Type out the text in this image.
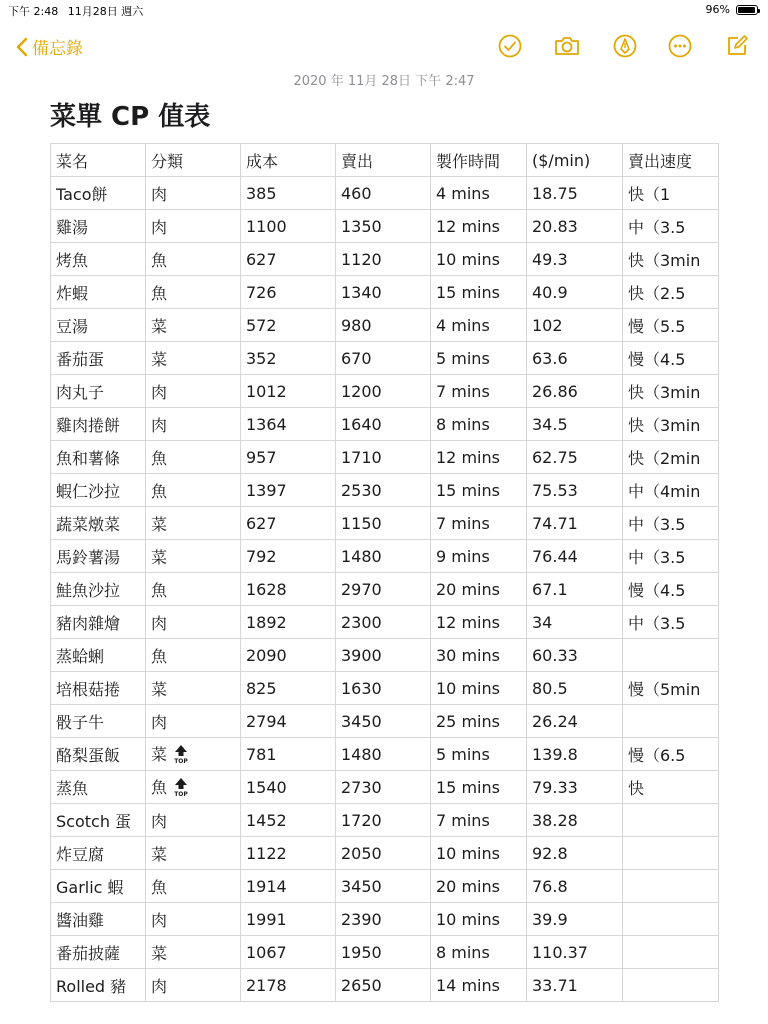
下午 2:48 11月28日 週六	96%
備忘錄
2020 年 11月 28日 下午 2:47
菜單 CP 值表
菜名	分類	成本	賣出	製作時間	($/min)	賣出速度
Taco餅	肉	385	460	4 mins	18.75	快（1
雞湯	肉	1100	1350	12 mins	20.83	中（3.5
烤魚	魚	627	1120	10 mins	49.3	快（3min
炸蝦	魚	726	1340	15 mins	40.9	快（2.5
豆湯	菜	572	980	4 mins	102	慢（5.5
番茄蛋	菜	352	670	5 mins	63.6	慢（4.5
肉丸子	肉	1012	1200	7 mins	26.86	快（3min
雞肉捲餅	肉	1364	1640	8 mins	34.5	快（3min
魚和薯條	魚	957	1710	12 mins	62.75	快（2min
蝦仁沙拉	魚	1397	2530	15 mins	75.53	中（4min
蔬菜燉菜	菜	627	1150	7 mins	74.71	中（3.5
馬鈴薯湯	菜	792	1480	9 mins	76.44	中（3.5
鮭魚沙拉	魚	1628	2970	20 mins	67.1	慢（4.5
豬肉雜燴	肉	1892	2300	12 mins	34	中（3.5
蒸蛤蜊	魚	2090	3900	30 mins	60.33	
培根菇捲	菜	825	1630	10 mins	80.5	慢（5min
骰子牛	肉	2794	3450	25 mins	26.24	
酪梨蛋飯	菜 TOP	781	1480	5 mins	139.8	慢（6.5
蒸魚	魚 TOP	1540	2730	15 mins	79.33	快
Scotch 蛋	肉	1452	1720	7 mins	38.28	
炸豆腐	菜	1122	2050	10 mins	92.8	
Garlic 蝦	魚	1914	3450	20 mins	76.8	
醬油雞	肉	1991	2390	10 mins	39.9	
番茄披薩	菜	1067	1950	8 mins	110.37	
Rolled 豬	肉	2178	2650	14 mins	33.71	
